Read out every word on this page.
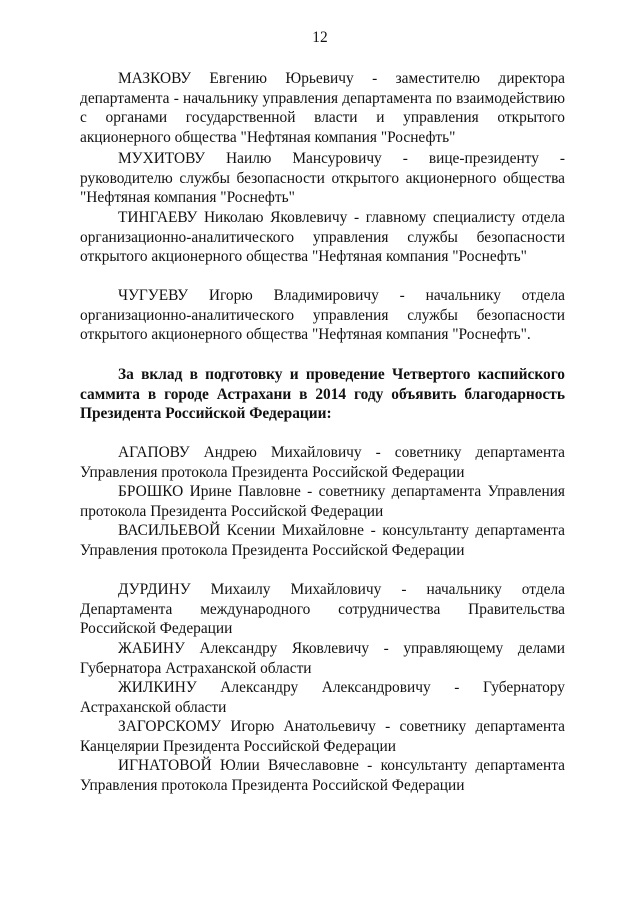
12

МАЗКОВУ Евгению Юрьевичу - заместителю директора департамента - начальнику управления департамента по взаимодействию с органами государственной власти и управления открытого акционерного общества "Нефтяная компания "Роснефть"

МУХИТОВУ Наилю Мансуровичу - вице-президенту - руководителю службы безопасности открытого акционерного общества "Нефтяная компания "Роснефть"

ТИНГАЕВУ Николаю Яковлевичу - главному специалисту отдела организационно-аналитического управления службы безопасности открытого акционерного общества "Нефтяная компания "Роснефть"

ЧУГУЕВУ Игорю Владимировичу - начальнику отдела организационно-аналитического управления службы безопасности открытого акционерного общества "Нефтяная компания "Роснефть".

За вклад в подготовку и проведение Четвертого каспийского саммита в городе Астрахани в 2014 году объявить благодарность Президента Российской Федерации:

АГАПОВУ Андрею Михайловичу - советнику департамента Управления протокола Президента Российской Федерации

БРОШКО Ирине Павловне - советнику департамента Управления протокола Президента Российской Федерации

ВАСИЛЬЕВОЙ Ксении Михайловне - консультанту департамента Управления протокола Президента Российской Федерации

ДУРДИНУ Михаилу Михайловичу - начальнику отдела Департамента международного сотрудничества Правительства Российской Федерации

ЖАБИНУ Александру Яковлевичу - управляющему делами Губернатора Астраханской области

ЖИЛКИНУ Александру Александровичу - Губернатору Астраханской области

ЗАГОРСКОМУ Игорю Анатольевичу - советнику департамента Канцелярии Президента Российской Федерации

ИГНАТОВОЙ Юлии Вячеславовне - консультанту департамента Управления протокола Президента Российской Федерации
